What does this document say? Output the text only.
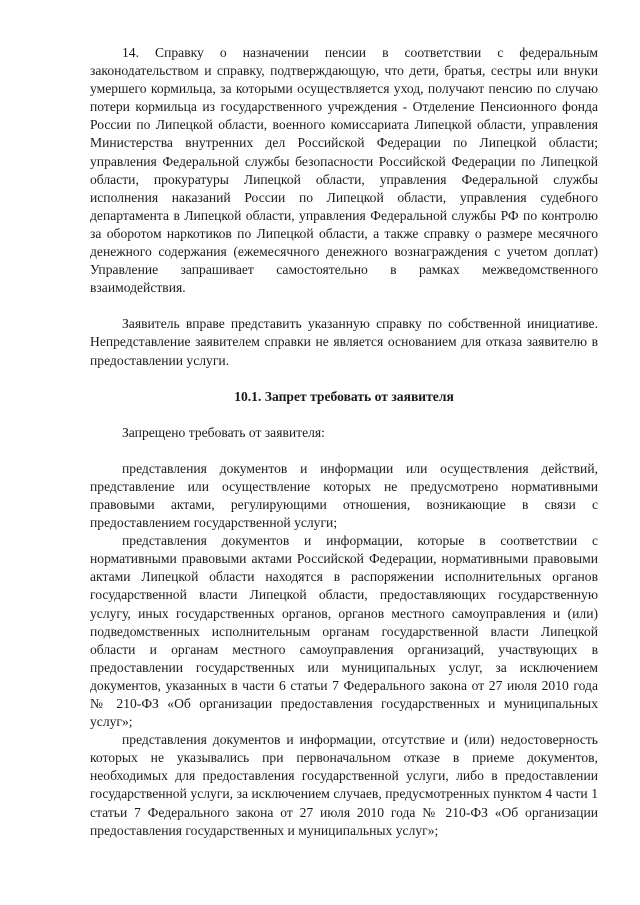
14. Справку о назначении пенсии в соответствии с федеральным законодательством и справку, подтверждающую, что дети, братья, сестры или внуки умершего кормильца, за которыми осуществляется уход, получают пенсию по случаю потери кормильца из государственного учреждения - Отделение Пенсионного фонда России по Липецкой области, военного комиссариата Липецкой области, управления Министерства внутренних дел Российской Федерации по Липецкой области; управления Федеральной службы безопасности Российской Федерации по Липецкой области, прокуратуры Липецкой области, управления Федеральной службы исполнения наказаний России по Липецкой области, управления судебного департамента в Липецкой области, управления Федеральной службы РФ по контролю за оборотом наркотиков по Липецкой области, а также справку о размере месячного денежного содержания (ежемесячного денежного вознаграждения с учетом доплат) Управление запрашивает самостоятельно в рамках межведомственного взаимодействия.

Заявитель вправе представить указанную справку по собственной инициативе. Непредставление заявителем справки не является основанием для отказа заявителю в предоставлении услуги.

10.1. Запрет требовать от заявителя

Запрещено требовать от заявителя:

представления документов и информации или осуществления действий, представление или осуществление которых не предусмотрено нормативными правовыми актами, регулирующими отношения, возникающие в связи с предоставлением государственной услуги;

представления документов и информации, которые в соответствии с нормативными правовыми актами Российской Федерации, нормативными правовыми актами Липецкой области находятся в распоряжении исполнительных органов государственной власти Липецкой области, предоставляющих государственную услугу, иных государственных органов, органов местного самоуправления и (или) подведомственных исполнительным органам государственной власти Липецкой области и органам местного самоуправления организаций, участвующих в предоставлении государственных или муниципальных услуг, за исключением документов, указанных в части 6 статьи 7 Федерального закона от 27 июля 2010 года № 210-ФЗ «Об организации предоставления государственных и муниципальных услуг»;

представления документов и информации, отсутствие и (или) недостоверность которых не указывались при первоначальном отказе в приеме документов, необходимых для предоставления государственной услуги, либо в предоставлении государственной услуги, за исключением случаев, предусмотренных пунктом 4 части 1 статьи 7 Федерального закона от 27 июля 2010 года № 210-ФЗ «Об организации предоставления государственных и муниципальных услуг»;
